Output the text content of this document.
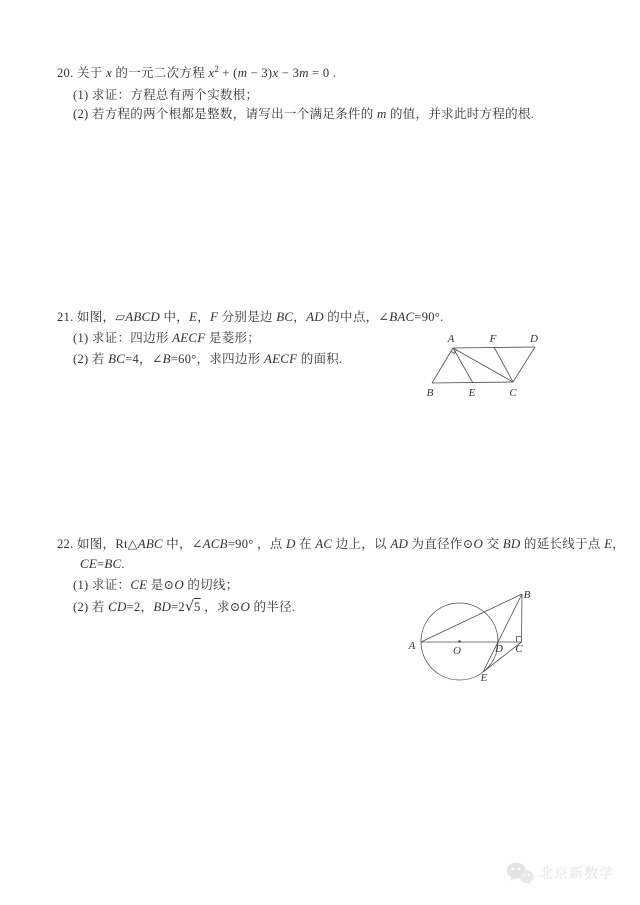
20. 关于 x 的一元二次方程 $x^2 + (m - 3)x - 3m = 0$ .
(1) 求证：方程总有两个实数根；
(2) 若方程的两个根都是整数，请写出一个满足条件的 m 的值，并求此时方程的根.
21. 如图，▱ABCD 中，E，F 分别是边 BC，AD 的中点，∠BAC=90°.
(1) 求证：四边形 AECF 是菱形；
(2) 若 BC=4，∠B=60°，求四边形 AECF 的面积.
A	F	D
B	E	C
22. 如图，Rt△ABC 中，∠ACB=90° ，点 D 在 AC 边上，以 AD 为直径作⊙O 交 BD 的延长线于点 E，
CE=BC.
(1) 求证：CE 是⊙O 的切线；
(2) 若 CD=2，BD=2√5 ，求⊙O 的半径.
A	O	D C
B
E
北京新数学
